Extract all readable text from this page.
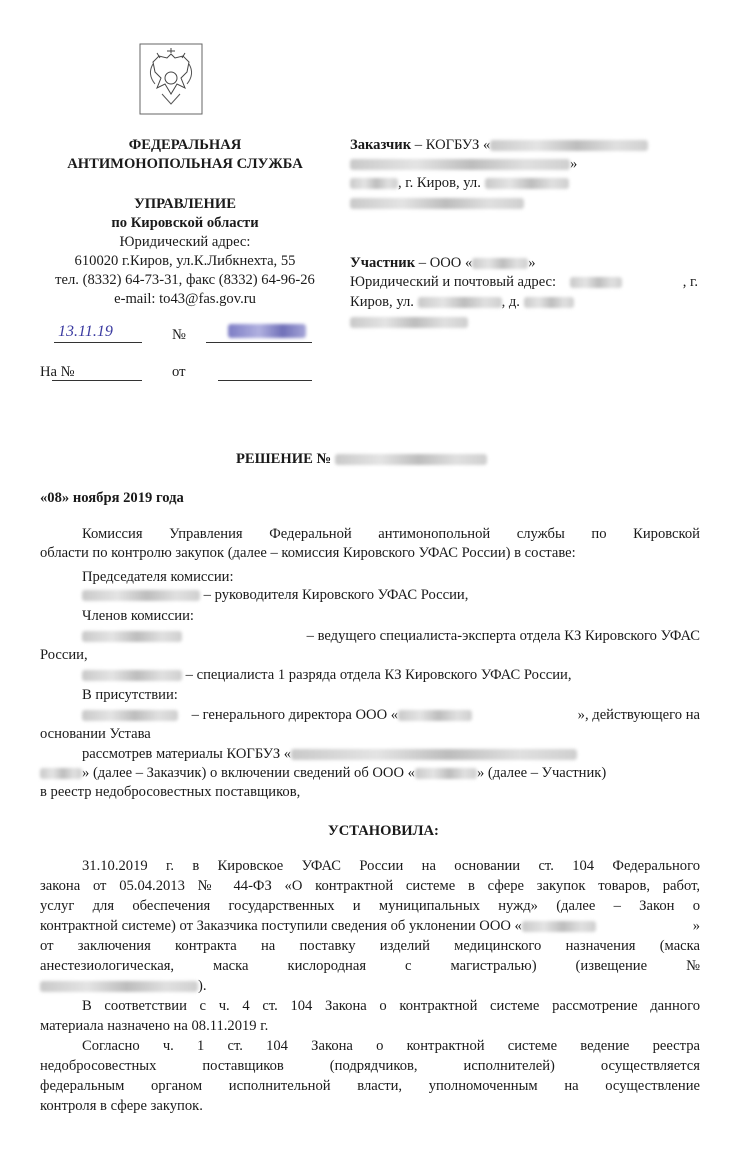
ФЕДЕРАЛЬНАЯ
АНТИМОНОПОЛЬНАЯ СЛУЖБА
УПРАВЛЕНИЕ
по Кировской области
Юридический адрес:
610020 г.Киров, ул.К.Либкнехта, 55
тел. (8332) 64-73-31, факс (8332) 64-96-26
e-mail: to43@fas.gov.ru
13.11.19	№
На №	от
Заказчик – КОГБУЗ «
»
, г. Киров, ул.
Участник – ООО «	»
Юридический и почтовый адрес:	, г.
Киров, ул.	, д.
РЕШЕНИЕ №
«08» ноября 2019 года
Комиссия Управления Федеральной антимонопольной службы по Кировской
области по контролю закупок (далее – комиссия Кировского УФАС России) в составе:
Председателя комиссии:
– руководителя Кировского УФАС России,
Членов комиссии:
– ведущего специалиста-эксперта отдела КЗ Кировского УФАС
России,
– специалиста 1 разряда отдела КЗ Кировского УФАС России,
В присутствии:
– генерального директора ООО «	», действующего на
основании Устава
рассмотрев материалы КОГБУЗ «
» (далее – Заказчик) о включении сведений об ООО «	» (далее – Участник)
в реестр недобросовестных поставщиков,
УСТАНОВИЛА:
31.10.2019 г. в Кировское УФАС России на основании ст. 104 Федерального
закона от 05.04.2013 № 44-ФЗ «О контрактной системе в сфере закупок товаров, работ,
услуг для обеспечения государственных и муниципальных нужд» (далее – Закон о
контрактной системе) от Заказчика поступили сведения об уклонении ООО «	»
от заключения контракта на поставку изделий медицинского назначения (маска
анестезиологическая, маска кислородная с магистралью) (извещение №
).
В соответствии с ч. 4 ст. 104 Закона о контрактной системе рассмотрение данного
материала назначено на 08.11.2019 г.
Согласно ч. 1 ст. 104 Закона о контрактной системе ведение реестра
недобросовестных поставщиков (подрядчиков, исполнителей) осуществляется
федеральным органом исполнительной власти, уполномоченным на осуществление
контроля в сфере закупок.
